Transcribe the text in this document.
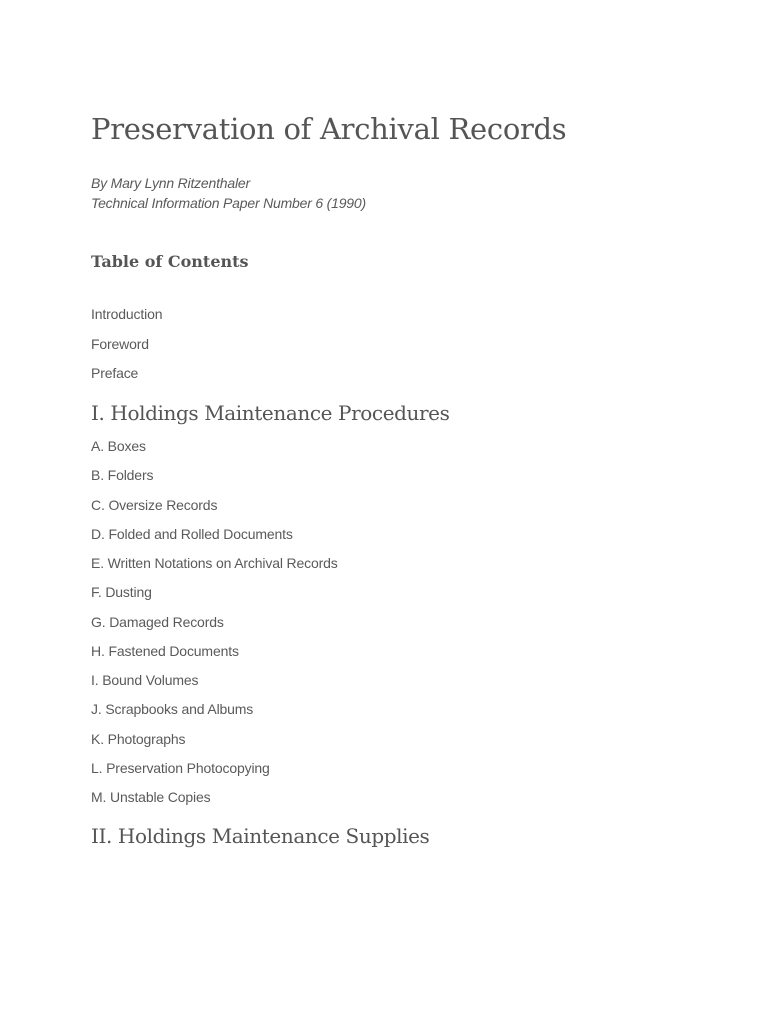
Preservation of Archival Records
By Mary Lynn Ritzenthaler
Technical Information Paper Number 6 (1990)
Table of Contents
Introduction
Foreword
Preface
I. Holdings Maintenance Procedures
A. Boxes
B. Folders
C. Oversize Records
D. Folded and Rolled Documents
E. Written Notations on Archival Records
F. Dusting
G. Damaged Records
H. Fastened Documents
I. Bound Volumes
J. Scrapbooks and Albums
K. Photographs
L. Preservation Photocopying
M. Unstable Copies
II. Holdings Maintenance Supplies
